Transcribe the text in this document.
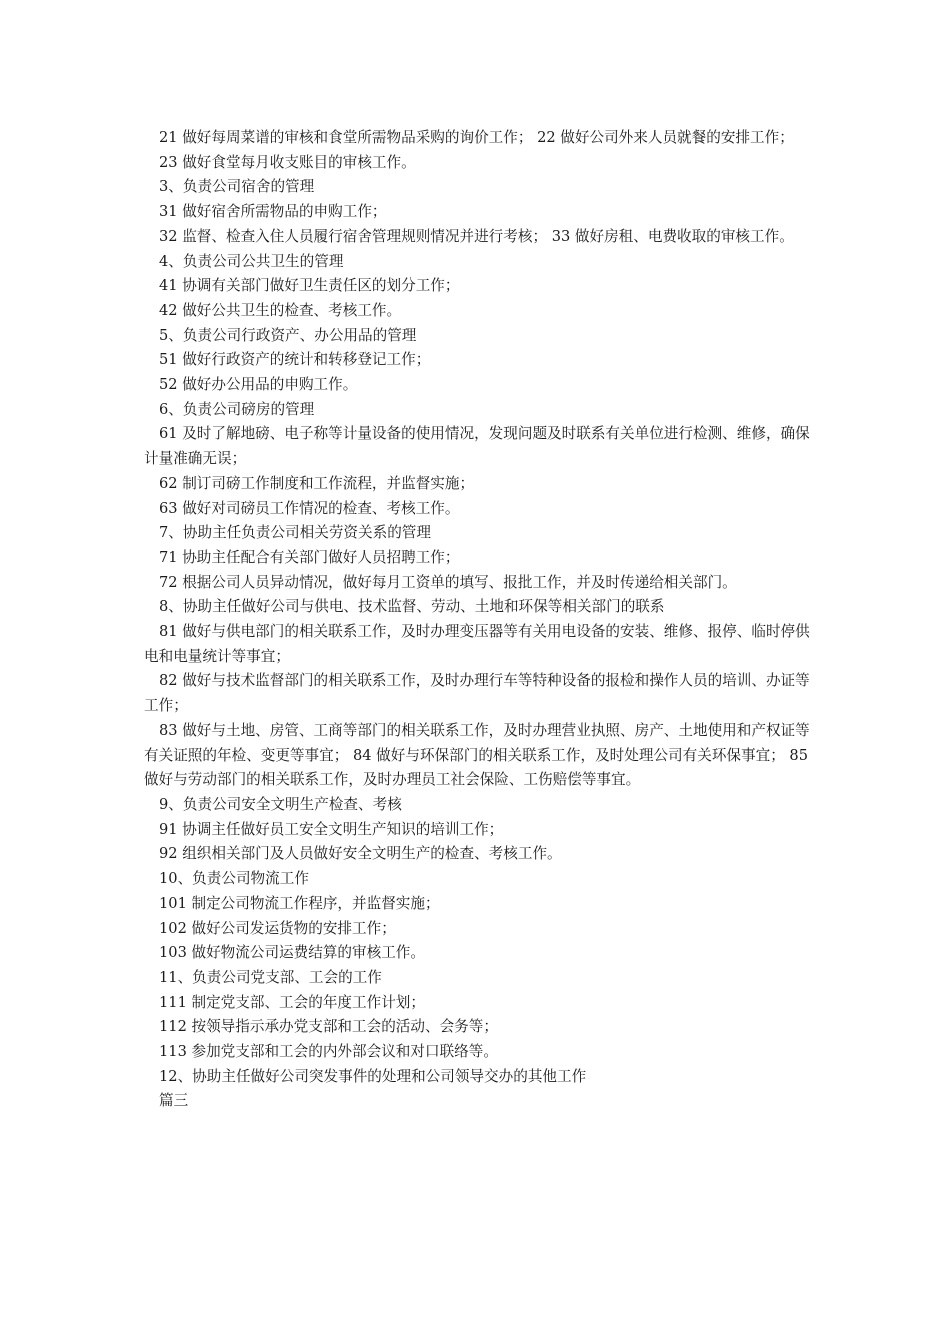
21 做好每周菜谱的审核和食堂所需物品采购的询价工作； 22 做好公司外来人员就餐的安排工作；

23 做好食堂每月收支账目的审核工作。

3、负责公司宿舍的管理

31 做好宿舍所需物品的申购工作；

32 监督、检查入住人员履行宿舍管理规则情况并进行考核； 33 做好房租、电费收取的审核工作。

4、负责公司公共卫生的管理

41 协调有关部门做好卫生责任区的划分工作；

42 做好公共卫生的检查、考核工作。

5、负责公司行政资产、办公用品的管理

51 做好行政资产的统计和转移登记工作；

52 做好办公用品的申购工作。

6、负责公司磅房的管理

61 及时了解地磅、电子称等计量设备的使用情况，发现问题及时联系有关单位进行检测、维修，确保计量准确无误；

62 制订司磅工作制度和工作流程，并监督实施；

63 做好对司磅员工作情况的检查、考核工作。

7、协助主任负责公司相关劳资关系的管理

71 协助主任配合有关部门做好人员招聘工作；

72 根据公司人员异动情况，做好每月工资单的填写、报批工作，并及时传递给相关部门。

8、协助主任做好公司与供电、技术监督、劳动、土地和环保等相关部门的联系

81 做好与供电部门的相关联系工作，及时办理变压器等有关用电设备的安装、维修、报停、临时停供电和电量统计等事宜；

82 做好与技术监督部门的相关联系工作，及时办理行车等特种设备的报检和操作人员的培训、办证等工作；

83 做好与土地、房管、工商等部门的相关联系工作，及时办理营业执照、房产、土地使用和产权证等有关证照的年检、变更等事宜； 84 做好与环保部门的相关联系工作，及时处理公司有关环保事宜； 85 做好与劳动部门的相关联系工作，及时办理员工社会保险、工伤赔偿等事宜。

9、负责公司安全文明生产检查、考核

91 协调主任做好员工安全文明生产知识的培训工作；

92 组织相关部门及人员做好安全文明生产的检查、考核工作。

10、负责公司物流工作

101 制定公司物流工作程序，并监督实施；

102 做好公司发运货物的安排工作；

103 做好物流公司运费结算的审核工作。

11、负责公司党支部、工会的工作

111 制定党支部、工会的年度工作计划；

112 按领导指示承办党支部和工会的活动、会务等；

113 参加党支部和工会的内外部会议和对口联络等。

12、协助主任做好公司突发事件的处理和公司领导交办的其他工作

篇三
